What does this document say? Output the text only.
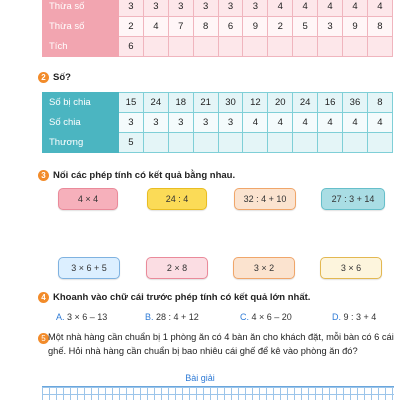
Thừa số	3	3	3	3	3	3	4	4	4	4	4
Thừa số	2	4	7	8	6	9	2	5	3	9	8
Tích	6										
2 Số?
Số bị chia	15	24	18	21	30	12	20	24	16	36	8
Số chia	3	3	3	3	3	4	4	4	4	4	4
Thương	5										
3 Nối các phép tính có kết quả bằng nhau.
4 × 4	24 : 4	32 : 4 + 10	27 : 3 + 14
3 × 6 + 5	2 × 8	3 × 2	3 × 6
4 Khoanh vào chữ cái trước phép tính có kết quả lớn nhất.
A. 3 × 6 – 13	B. 28 : 4 + 12	C. 4 × 6 – 20	D. 9 : 3 + 4
5 Một nhà hàng cần chuẩn bị 1 phòng ăn có 4 bàn ăn cho khách đặt, mỗi bàn có 6 cái ghế. Hỏi nhà hàng cần chuẩn bị bao nhiêu cái ghế để kê vào phòng ăn đó?
Bài giải
